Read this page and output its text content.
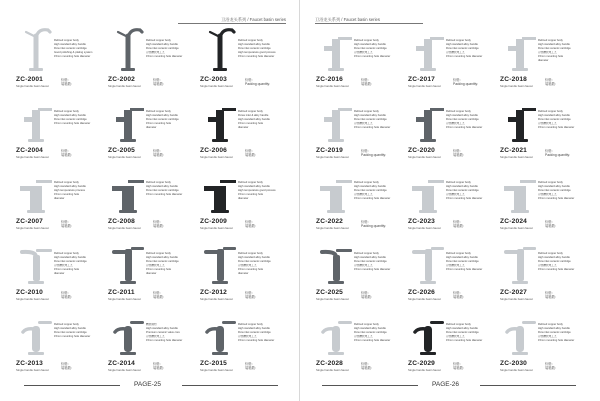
卫浴龙头系列 / Faucet basin series
Refined copper body
High standard alloy handle
Flow inlet ceramic cartridge
Good polishing & plating system
15mm mounting hole diameter
ZC-2001
Single handle basin faucet
价格:
装箱数:
Refined copper body
High standard alloy handle
Flow inlet ceramic cartridge
冷热精致电工艺
15mm mounting hole diameter
ZC-2002
Single handle basin faucet
价格:
装箱数:
Refined copper body
High standard alloy handle
Flow inlet ceramic cartridge
High temperature good process
15mm mounting hole diameter
ZC-2003
Single handle basin faucet
价格:
Packing quantity:
Refined copper body
High standard alloy handle
Flow inlet ceramic cartridge
15mm mounting hole diameter
ZC-2004
Single handle basin faucet
价格:
装箱数:
Refined copper body
High standard alloy handle
Flow inlet ceramic cartridge
15mm mounting hole
diameter
ZC-2005
Single handle basin faucet
价格:
装箱数:
Refined copper body
Flows inlet & alloy handle
High standard alloy handle
15mm mounting hole
diameter
ZC-2006
Single handle basin faucet
价格:
装箱数:
Refined copper body
High standard alloy handle
High temperature process
15mm mounting hole
diameter
ZC-2007
Single handle basin faucet
价格:
装箱数:
Refined copper body
High standard alloy handle
Flow inlet ceramic cartridge
15mm mounting hole diameter
ZC-2008
Single handle basin faucet
价格:
装箱数:
Refined copper body
High standard alloy handle
High temperature good process
15mm mounting hole
diameter
ZC-2009
Single handle basin faucet
价格:
装箱数:
Refined copper body
High standard alloy handle
Flow inlet ceramic cartridge
冷热精致电工艺
15mm mounting hole
diameter
ZC-2010
Single handle basin faucet
价格:
装箱数:
Refined copper body
High standard alloy handle
Flow inlet ceramic cartridge
冷热精致电工艺
15mm mounting hole
diameter
ZC-2011
Single handle basin faucet
价格:
装箱数:
Refined copper body
High standard alloy handle
Flow inlet ceramic cartridge
冷热精致电工艺
15mm mounting hole
diameter
ZC-2012
Single handle basin faucet
价格:
装箱数:
Refined copper body
High standard alloy handle
Flow inlet ceramic cartridge
15mm mounting hole diameter
ZC-2013
Single handle basin faucet
价格:
装箱数:
精致铜材
High standard alloy handle
Premium ceramic valve core
冷热精致电工艺
15mm mounting hole diameter
ZC-2014
Single handle basin faucet
价格:
装箱数:
Refined copper body
High standard alloy handle
Flow inlet ceramic cartridge
冷热精致电工艺
15mm mounting hole diameter
ZC-2015
Single handle basin faucet
价格:
装箱数:
PAGE-25
卫浴龙头系列 / Faucet basin series
Refined copper body
High standard alloy handle
Flow inlet ceramic cartridge
冷热精致电工艺
15mm mounting hole diameter
ZC-2016
Single handle basin faucet
价格:
装箱数:
Refined copper body
High standard alloy handle
Flow inlet ceramic cartridge
冷热精致电工艺
15mm mounting hole diameter
ZC-2017
Single handle basin faucet
价格:
Packing quantity:
Refined copper body
High standard alloy handle
Flow inlet ceramic cartridge
冷热精致电工艺
15mm mounting hole
diameter
ZC-2018
Single handle basin faucet
价格:
装箱数:
Refined copper body
High standard alloy handle
Flow inlet ceramic cartridge
冷热精致电工艺
15mm mounting hole diameter
ZC-2019
Single handle basin faucet
价格:
Packing quantity:
Refined copper body
High standard alloy handle
Flow inlet ceramic cartridge
冷热精致电工艺
15mm mounting hole diameter
ZC-2020
Single handle basin faucet
价格:
装箱数:
Refined copper body
High standard alloy handle
Flow inlet ceramic cartridge
冷热精致电工艺
15mm mounting hole diameter
ZC-2021
Single handle basin faucet
价格:
Packing quantity:
Refined copper body
High standard alloy handle
Flow inlet ceramic cartridge
冷热精致电工艺
15mm mounting hole diameter
ZC-2022
Single handle basin faucet
价格:
Packing quantity:
Refined copper body
High standard alloy handle
Flow inlet ceramic cartridge
冷热精致电工艺
15mm mounting hole diameter
ZC-2023
Single handle basin faucet
价格:
装箱数:
Refined copper body
High standard alloy handle
Flow inlet ceramic cartridge
冷热精致电工艺
15mm mounting hole diameter
ZC-2024
Single handle basin faucet
价格:
装箱数:
Refined copper body
High standard alloy handle
Flow inlet ceramic cartridge
冷热精致电工艺
15mm mounting hole diameter
ZC-2025
Single handle basin faucet
价格:
装箱数:
Refined copper body
High standard alloy handle
Flow inlet ceramic cartridge
冷热精致电工艺
15mm mounting hole diameter
ZC-2026
Single handle basin faucet
价格:
装箱数:
Refined copper body
High standard alloy handle
Flow inlet ceramic cartridge
冷热精致电工艺
15mm mounting hole diameter
ZC-2027
Single handle basin faucet
价格:
装箱数:
Refined copper body
High standard alloy handle
Flow inlet ceramic cartridge
冷热精致电工艺
15mm mounting hole diameter
ZC-2028
Single handle basin faucet
价格:
装箱数:
Refined copper body
High standard alloy handle
Flow inlet ceramic cartridge
冷热精致电工艺
15mm mounting hole diameter
ZC-2029
Single handle basin faucet
价格:
装箱数:
Refined copper body
High standard alloy handle
Flow inlet ceramic cartridge
冷热精致电工艺
15mm mounting hole diameter
ZC-2030
Single handle basin faucet
价格:
装箱数:
PAGE-26
